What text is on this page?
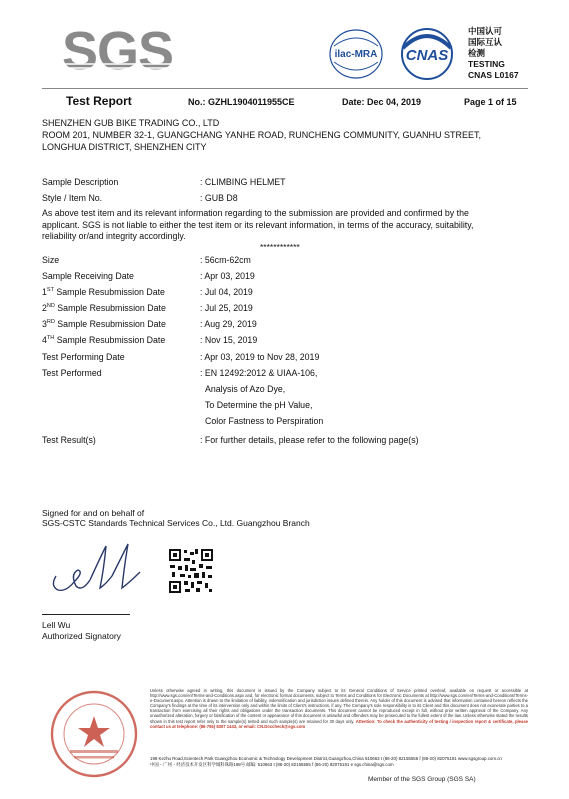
SGS	ilac-MRA CNAS
中国认可
国际互认
检测
TESTING
CNAS L0167
Test Report	No.: GZHL1904011955CE	Date: Dec 04, 2019	Page 1 of 15
SHENZHEN GUB BIKE TRADING CO., LTD
ROOM 201, NUMBER 32-1, GUANGCHANG YANHE ROAD, RUNCHENG COMMUNITY, GUANHU STREET,
LONGHUA DISTRICT, SHENZHEN CITY
Sample Description	: CLIMBING HELMET
Style / Item No.	: GUB D8
As above test item and its relevant information regarding to the submission are provided and confirmed by the
applicant. SGS is not liable to either the test item or its relevant information, in terms of the accuracy, suitability,
reliability or/and integrity accordingly.
************
Size	: 56cm-62cm
Sample Receiving Date	: Apr 03, 2019
1ST Sample Resubmission Date	: Jul 04, 2019
2ND Sample Resubmission Date	: Jul 25, 2019
3RD Sample Resubmission Date	: Aug 29, 2019
4TH Sample Resubmission Date	: Nov 15, 2019
Test Performing Date	: Apr 03, 2019 to Nov 28, 2019
Test Performed	: EN 12492:2012 & UIAA-106,
Analysis of Azo Dye,
To Determine the pH Value,
Color Fastness to Perspiration
Test Result(s)	: For further details, please refer to the following page(s)
Signed for and on behalf of
SGS-CSTC Standards Technical Services Co., Ltd. Guangzhou Branch
Lell Wu
Authorized Signatory
Unless otherwise agreed in writing, this document is issued by the Company subject to its General Conditions of Service printed overleaf, available on request or accessible at http://www.sgs.com/en/Terms-and-Conditions.aspx and, for electronic format documents, subject to Terms and Conditions for Electronic Documents at http://www.sgs.com/en/Terms-and-Conditions/Terms-e-Document.aspx. Attention is drawn to the limitation of liability, indemnification and jurisdiction issues defined therein. Any holder of this document is advised that information contained hereon reflects the Company's findings at the time of its intervention only and within the limits of Client's instructions, if any. The Company's sole responsibility is to its Client and this document does not exonerate parties to a transaction from exercising all their rights and obligations under the transaction documents. This document cannot be reproduced except in full, without prior written approval of the Company. Any unauthorized alteration, forgery or falsification of the content or appearance of this document is unlawful and offenders may be prosecuted to the fullest extent of the law. Unless otherwise stated the results shown in this test report refer only to the sample(s) tested and such sample(s) are retained for 30 days only. Attention: To check the authenticity of testing / inspection report & certificate, please contact us at telephone: (86-755) 8307 1443, or email: CN.Doccheck@sgs.com
198 Kezhu Road,Scientech Park Guangzhou Economic & Technology Development District,Guangzhou,China 510663 t (86-20) 82155555 f (86-20) 82075191 www.sgsgroup.com.cn
中国・广州・经济技术开发区科学城科珠路198号 邮编: 510663 t (86-20) 82155555 f (86-20) 82075191 e sgs.china@sgs.com
Member of the SGS Group (SGS SA)
